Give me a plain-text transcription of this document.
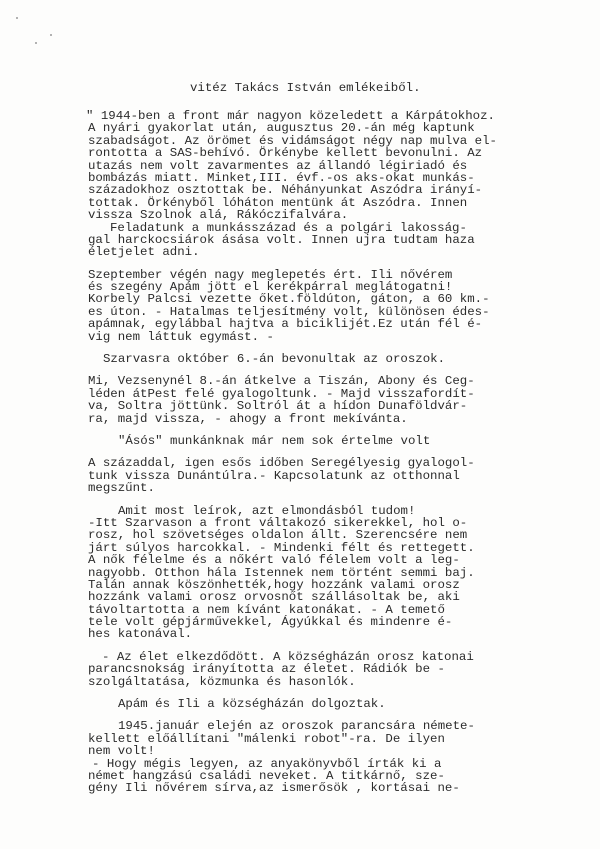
vitéz Takács István emlékeiből.
" 1944-ben a front már nagyon közeledett a Kárpátokhoz.
A nyári gyakorlat után, augusztus 20.-án még kaptunk
szabadságot. Az örömet és vidámságot négy nap mulva el-
rontotta a SAS-behívó. Örkénybe kellett bevonulni. Az
utazás nem volt zavarmentes az állandó légiriadó és
bombázás miatt. Minket,III. évf.-os aks-okat munkás-
századokhoz osztottak be. Néhányunkat Aszódra irányí-
tottak. Örkényből lóháton mentünk át Aszódra. Innen
vissza Szolnok alá, Rákóczifalvára.
Feladatunk a munkásszázad és a polgári lakosság-
gal harckocsiárok ásása volt. Innen ujra tudtam haza
életjelet adni.
Szeptember végén nagy meglepetés ért. Ili nővérem
és szegény Apám jött el kerékpárral meglátogatni!
Korbely Palcsi vezette őket.földúton, gáton, a 60 km.-
es úton. - Hatalmas teljesítmény volt, különösen édes-
apámnak, egylábbal hajtva a biciklijét.Ez után fél é-
vig nem láttuk egymást. -
Szarvasra október 6.-án bevonultak az oroszok.
Mi, Vezsenynél 8.-án átkelve a Tiszán, Abony és Ceg-
léden átPest felé gyalogoltunk. - Majd visszafordít-
va, Soltra jöttünk. Soltról át a hídon Dunaföldvár-
ra, majd vissza, - ahogy a front mekívánta.
"Ásós" munkánknak már nem sok értelme volt
A századdal, igen esős időben Seregélyesig gyalogol-
tunk vissza Dunántúlra.- Kapcsolatunk az otthonnal
megszűnt.
Amit most leírok, azt elmondásból tudom!
-Itt Szarvason a front váltakozó sikerekkel, hol o-
rosz, hol szövetséges oldalon állt. Szerencsére nem
járt súlyos harcokkal. - Mindenki félt és rettegett.
A nők félelme és a nőkért való félelem volt a leg-
nagyobb. Otthon hála Istennek nem történt semmi baj.
Talán annak köszönhették,hogy hozzánk valami orosz
hozzánk valami orosz orvosnőt szállásoltak be, aki
távoltartotta a nem kívánt katonákat. - A temető
tele volt gépjárművekkel, Ágyúkkal és mindenre é-
hes katonával.
- Az élet elkezdődött. A községházán orosz katonai
parancsnokság irányította az életet. Rádiók be -
szolgáltatása, közmunka és hasonlók.
Apám és Ili a községházán dolgoztak.
1945.január elején az oroszok parancsára némete-
kellett előállítani "málenki robot"-ra. De ilyen
nem volt!
- Hogy mégis legyen, az anyakönyvből írták ki a
német hangzású családi neveket. A titkárnő, sze-
gény Ili nővérem sírva,az ismerősök , kortásai ne-
